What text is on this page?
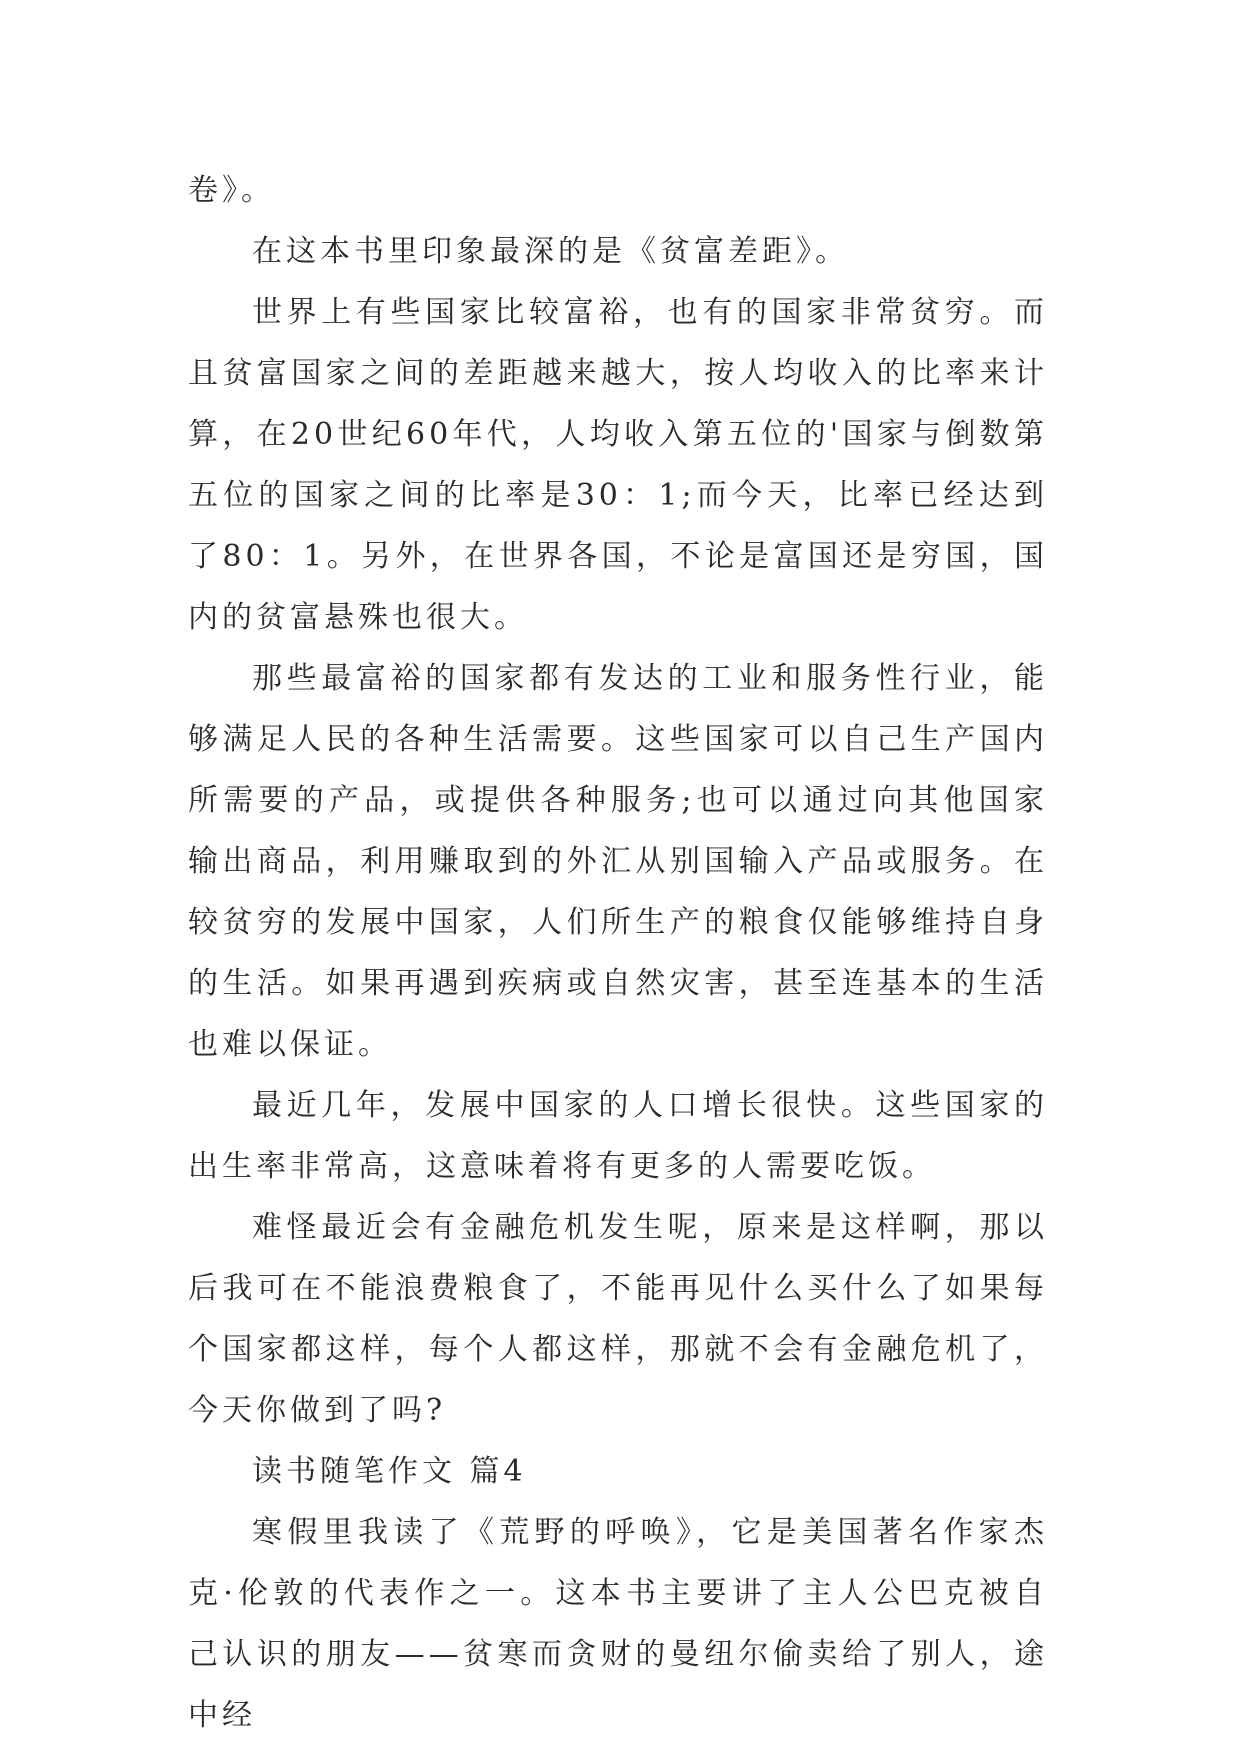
卷》。

在这本书里印象最深的是《贫富差距》。

世界上有些国家比较富裕，也有的国家非常贫穷。而且贫富国家之间的差距越来越大，按人均收入的比率来计算，在20世纪60年代，人均收入第五位的'国家与倒数第五位的国家之间的比率是30：1;而今天，比率已经达到了80：1。另外，在世界各国，不论是富国还是穷国，国内的贫富悬殊也很大。

那些最富裕的国家都有发达的工业和服务性行业，能够满足人民的各种生活需要。这些国家可以自己生产国内所需要的产品，或提供各种服务;也可以通过向其他国家输出商品，利用赚取到的外汇从别国输入产品或服务。在较贫穷的发展中国家，人们所生产的粮食仅能够维持自身的生活。如果再遇到疾病或自然灾害，甚至连基本的生活也难以保证。

最近几年，发展中国家的人口增长很快。这些国家的出生率非常高，这意味着将有更多的人需要吃饭。

难怪最近会有金融危机发生呢，原来是这样啊，那以后我可在不能浪费粮食了，不能再见什么买什么了如果每个国家都这样，每个人都这样，那就不会有金融危机了，今天你做到了吗?

读书随笔作文 篇4

寒假里我读了《荒野的呼唤》，它是美国著名作家杰克·伦敦的代表作之一。这本书主要讲了主人公巴克被自己认识的朋友——贫寒而贪财的曼纽尔偷卖给了别人，途中经
